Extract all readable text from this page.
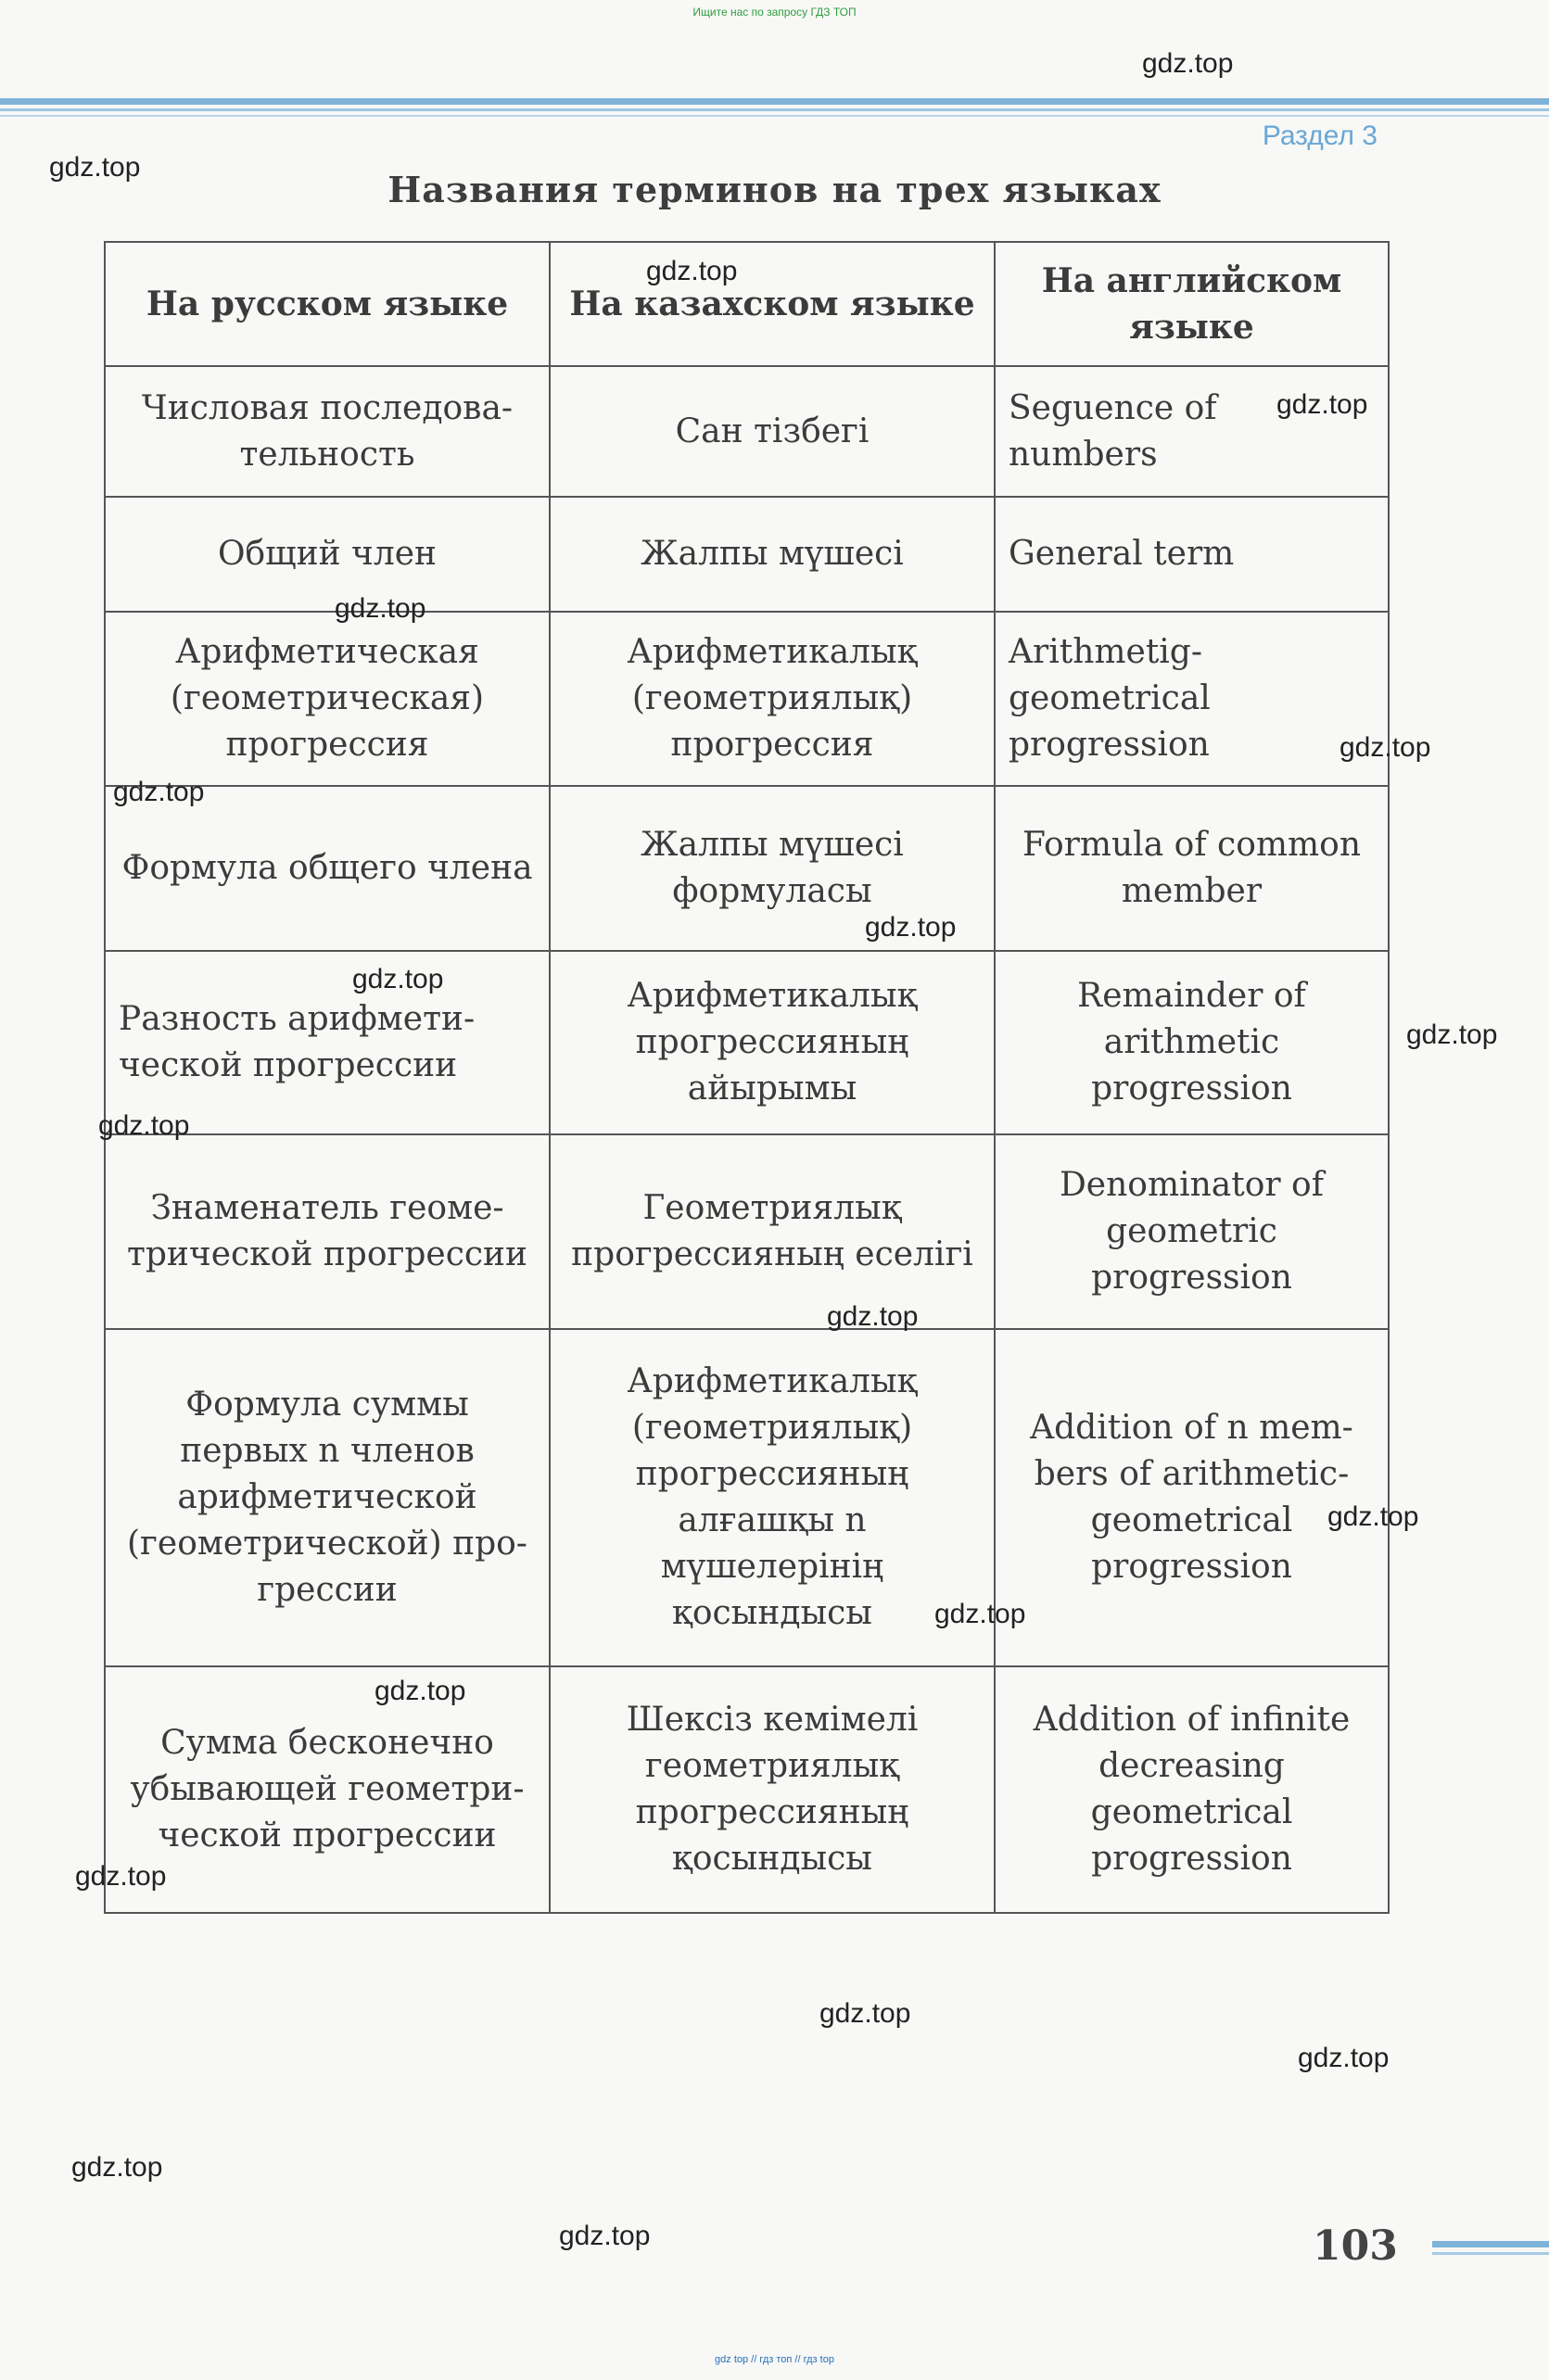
Ищите нас по запросу ГДЗ ТОП
Раздел 3
Названия терминов на трех языках
На русском языке	На казахском языке	На английском языке
Числовая последова-тельность	Сан тізбегі	Seguence of numbers
Общий член	Жалпы мүшесі	General term
Арифметическая (геометрическая) прогрессия	Арифметикалық (геометриялық) прогрессия	Arithmetig-geometrical progression
Формула общего члена	Жалпы мүшесі формуласы	Formula of common member
Разность арифмети-ческой прогрессии	Арифметикалық прогрессияның айырымы	Remainder of arithmetic progression
Знаменатель геоме-трической прогрессии	Геометриялық прогрессияның еселігі	Denominator of geometric progression
Формула суммы первых n членов арифметической (геометрической) про-грессии	Арифметикалық (геометриялық) прогрессияның алғашқы n мүшелерінің қосындысы	Addition of n mem-bers of arithmetic-geometrical progression
Сумма бесконечно убывающей геометри-ческой прогрессии	Шексіз кемімелі геометриялық прогрессияның қосындысы	Addition of infinite decreasing geometrical progression
gdz.top
gdz.top
gdz.top
gdz.top
gdz.top
gdz.top
gdz.top
gdz.top
gdz.top
gdz.top
gdz.top
gdz.top
gdz.top
gdz.top
gdz.top
gdz.top
gdz.top
gdz.top
gdz.top
gdz.top	103
gdz top // гдз топ // гдз top
